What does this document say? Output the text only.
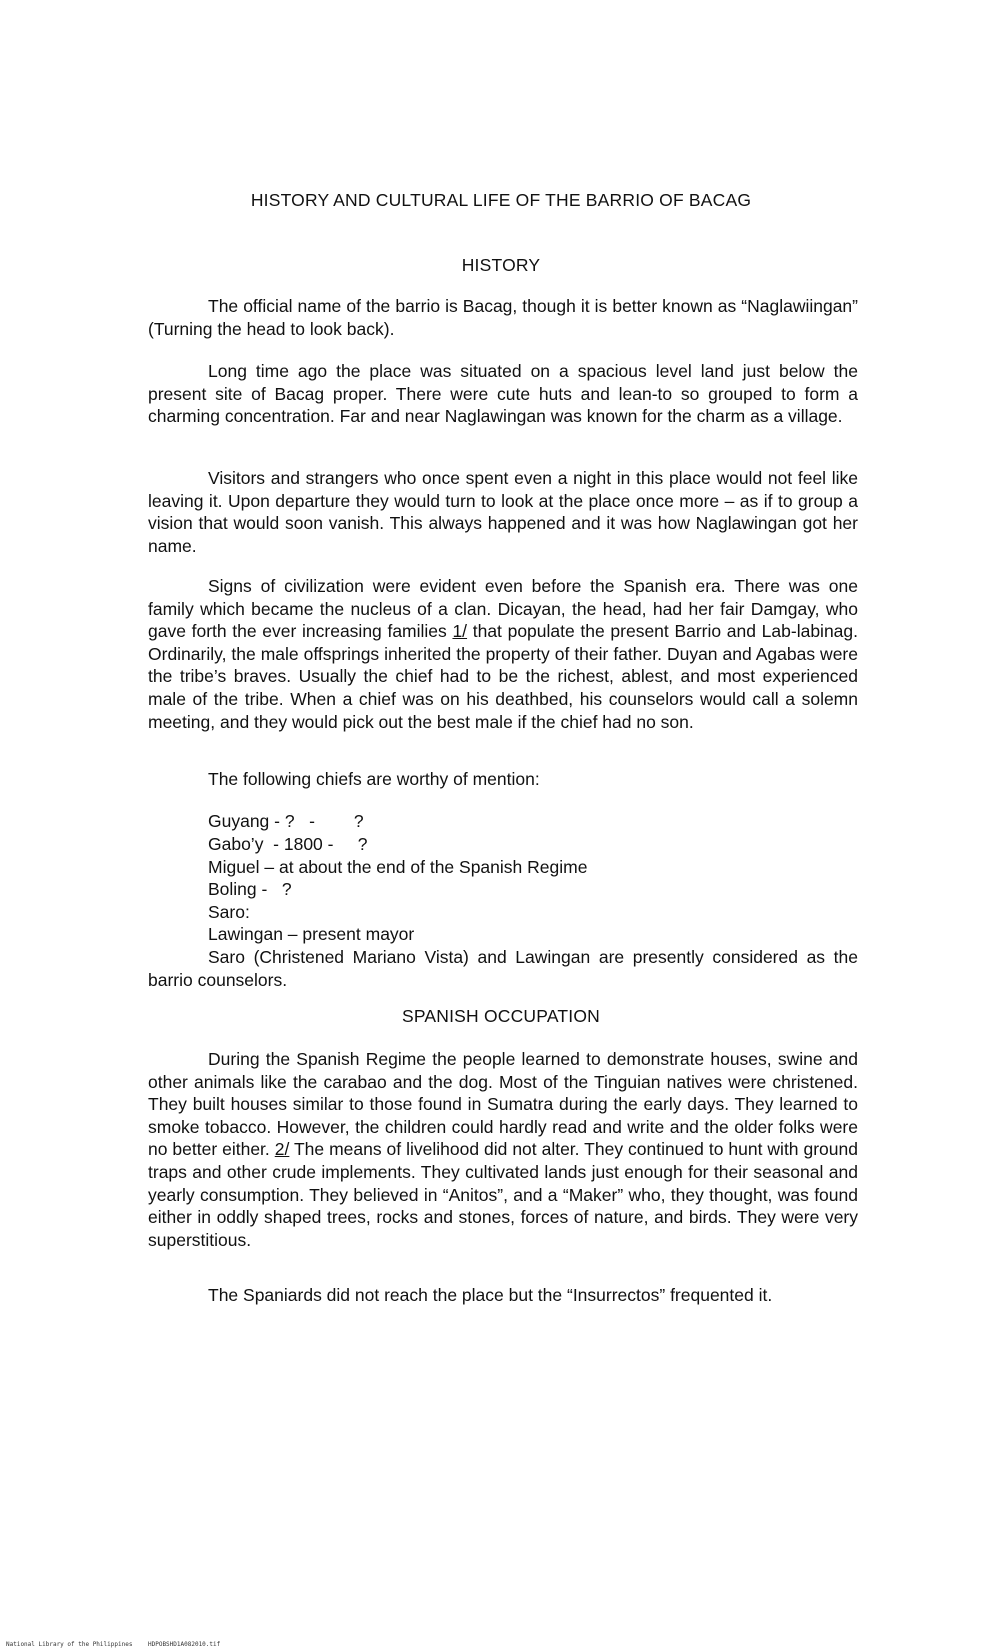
HISTORY AND CULTURAL LIFE OF THE BARRIO OF BACAG
HISTORY

The official name of the barrio is Bacag, though it is better known as “Naglawiingan” (Turning the head to look back).

Long time ago the place was situated on a spacious level land just below the present site of Bacag proper. There were cute huts and lean-to so grouped to form a charming concentration. Far and near Naglawingan was known for the charm as a village.

Visitors and strangers who once spent even a night in this place would not feel like leaving it. Upon departure they would turn to look at the place once more – as if to group a vision that would soon vanish. This always happened and it was how Naglawingan got her name.

Signs of civilization were evident even before the Spanish era. There was one family which became the nucleus of a clan. Dicayan, the head, had her fair Damgay, who gave forth the ever increasing families 1/ that populate the present Barrio and Lab-labinag. Ordinarily, the male offsprings inherited the property of their father. Duyan and Agabas were the tribe’s braves. Usually the chief had to be the richest, ablest, and most experienced male of the tribe. When a chief was on his deathbed, his counselors would call a solemn meeting, and they would pick out the best male if the chief had no son.

The following chiefs are worthy of mention:

Guyang - ?   -        ?
Gabo’y  - 1800 -     ?
Miguel – at about the end of the Spanish Regime
Boling -   ?
Saro:
Lawingan – present mayor

Saro (Christened Mariano Vista) and Lawingan are presently considered as the barrio counselors.

SPANISH OCCUPATION

During the Spanish Regime the people learned to demonstrate houses, swine and other animals like the carabao and the dog. Most of the Tinguian natives were christened. They built houses similar to those found in Sumatra during the early days. They learned to smoke tobacco. However, the children could hardly read and write and the older folks were no better either. 2/ The means of livelihood did not alter. They continued to hunt with ground traps and other crude implements. They cultivated lands just enough for their seasonal and yearly consumption. They believed in “Anitos”, and a “Maker” who, they thought, was found either in oddly shaped trees, rocks and stones, forces of nature, and birds. They were very superstitious.

The Spaniards did not reach the place but the “Insurrectos” frequented it.

National Library of the Philippines	HDPOBSHD1A082010.tif
